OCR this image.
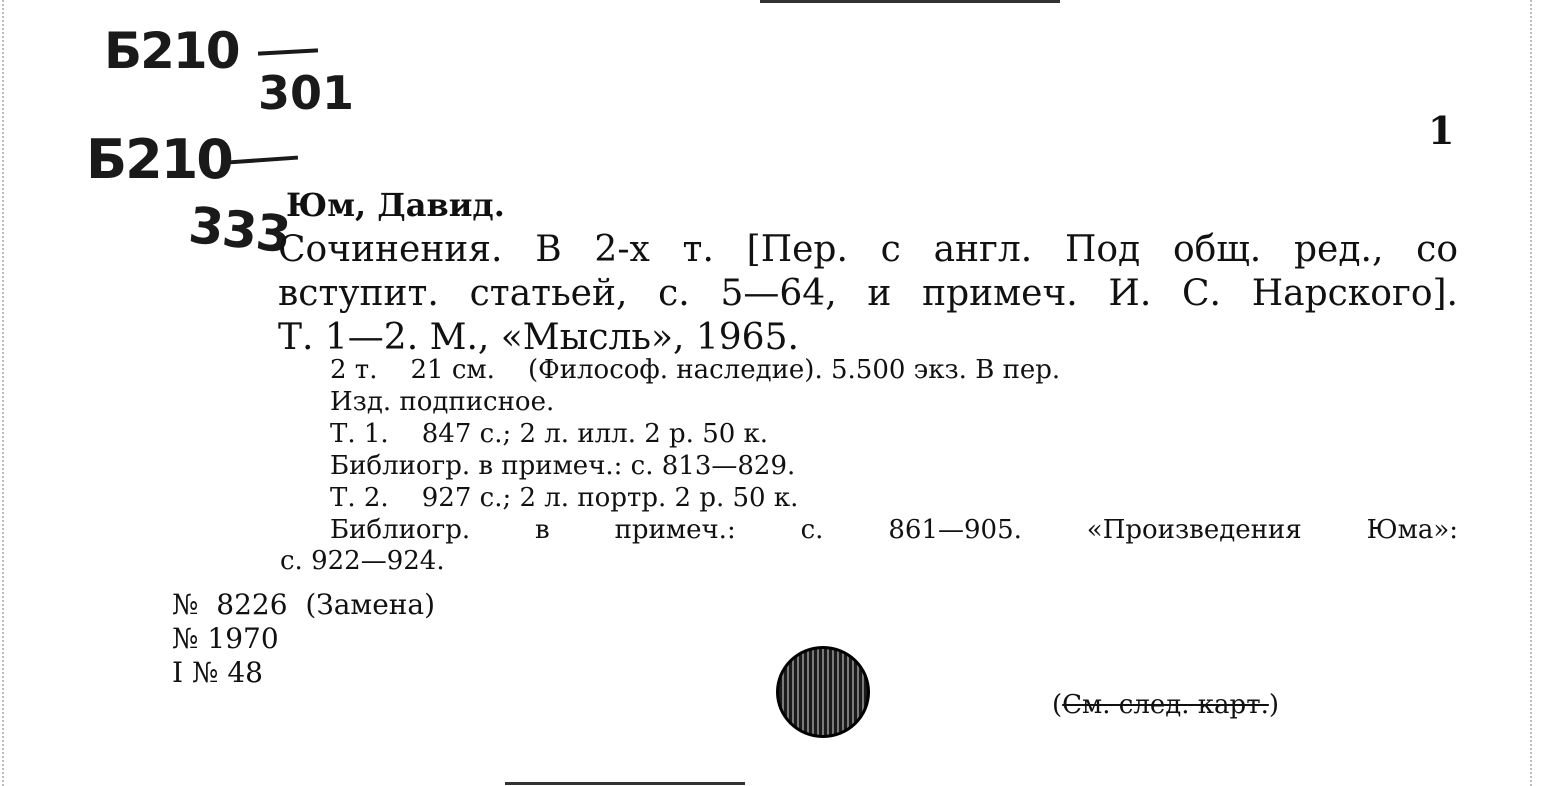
Б210
301
Б210
333
1
Юм, Давид.
Сочинения. В 2-х т. [Пер. с англ. Под общ. ред., со
вступит. статьей, с. 5—64, и примеч. И. С. Нарского].
Т. 1—2. М., «Мысль», 1965.
2 т.    21 см.    (Философ. наследие). 5.500 экз. В пер.
Изд. подписное.
Т. 1.    847 с.; 2 л. илл. 2 р. 50 к.
Библиогр. в примеч.: с. 813—829.
Т. 2.    927 с.; 2 л. портр. 2 р. 50 к.
Библиогр. в примеч.: с. 861—905. «Произведения Юма»:
с. 922—924.
№  8226  (Замена)
№ 1970
I № 48
(См. след. карт.)
